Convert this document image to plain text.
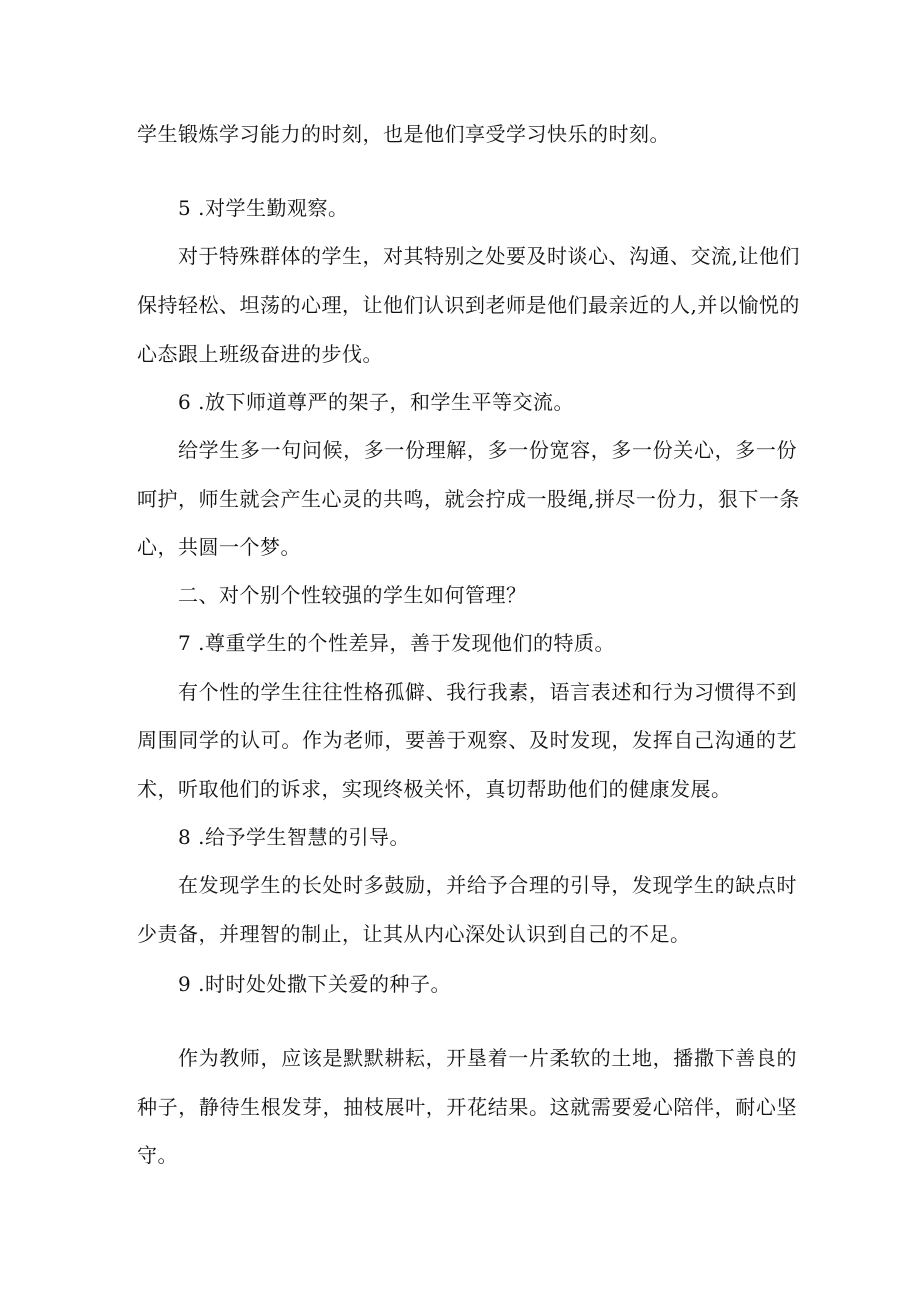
学生锻炼学习能力的时刻，也是他们享受学习快乐的时刻。
5 .对学生勤观察。
对于特殊群体的学生，对其特别之处要及时谈心、沟通、交流,让他们
保持轻松、坦荡的心理，让他们认识到老师是他们最亲近的人,并以愉悦的
心态跟上班级奋进的步伐。
6 .放下师道尊严的架子，和学生平等交流。
给学生多一句问候，多一份理解，多一份宽容，多一份关心，多一份
呵护，师生就会产生心灵的共鸣，就会拧成一股绳,拼尽一份力，狠下一条
心，共圆一个梦。
二、对个别个性较强的学生如何管理？
7 .尊重学生的个性差异，善于发现他们的特质。
有个性的学生往往性格孤僻、我行我素，语言表述和行为习惯得不到
周围同学的认可。作为老师，要善于观察、及时发现，发挥自己沟通的艺
术，听取他们的诉求，实现终极关怀，真切帮助他们的健康发展。
8 .给予学生智慧的引导。
在发现学生的长处时多鼓励，并给予合理的引导，发现学生的缺点时
少责备，并理智的制止，让其从内心深处认识到自己的不足。
9 .时时处处撒下关爱的种子。
作为教师，应该是默默耕耘，开垦着一片柔软的土地，播撒下善良的
种子，静待生根发芽，抽枝展叶，开花结果。这就需要爱心陪伴，耐心坚
守。
